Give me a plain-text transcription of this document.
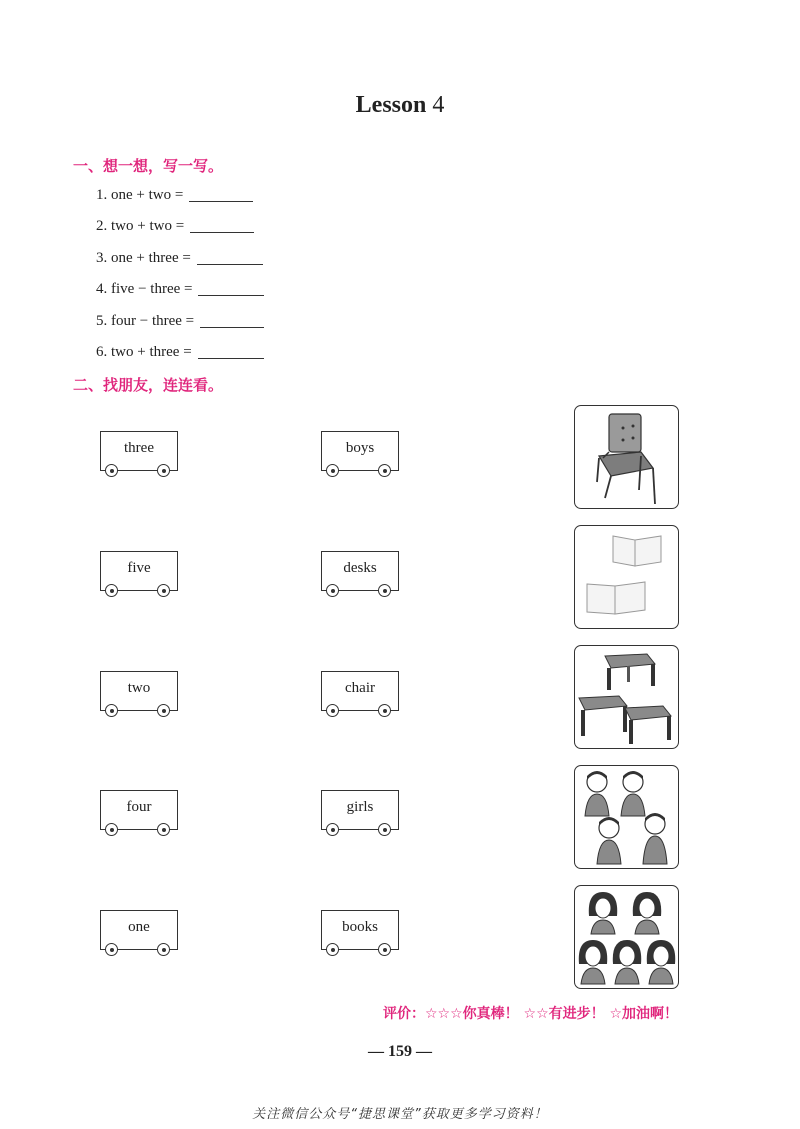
Lesson 4
一、想一想，写一写。
1. one + two =
2. two + two =
3. one + three =
4. five − three =
5. four − three =
6. two + three =
二、找朋友，连连看。
three
five
two
four
one
boys
desks
chair
girls
books
评价：☆☆☆你真棒！ ☆☆有进步！ ☆加油啊！
— 159 —
关注微信公众号“捷思课堂”获取更多学习资料！
